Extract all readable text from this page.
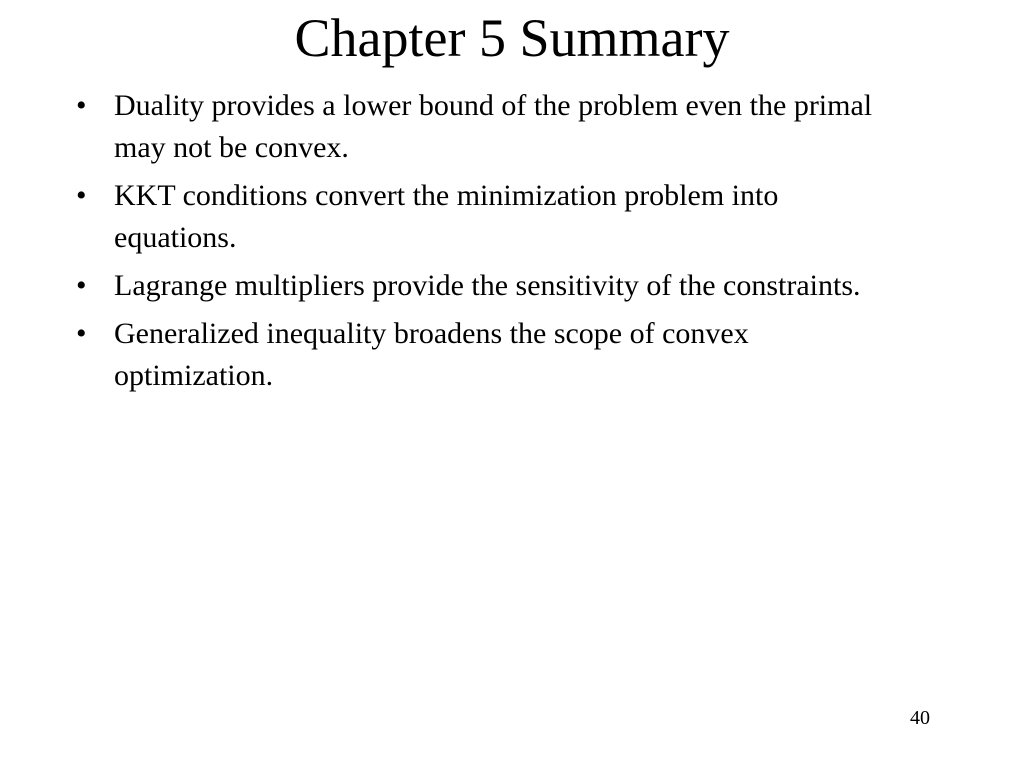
Chapter 5 Summary
• Duality provides a lower bound of the problem even the primal may not be convex.
• KKT conditions convert the minimization problem into equations.
• Lagrange multipliers provide the sensitivity of the constraints.
• Generalized inequality broadens the scope of convex optimization.
40
